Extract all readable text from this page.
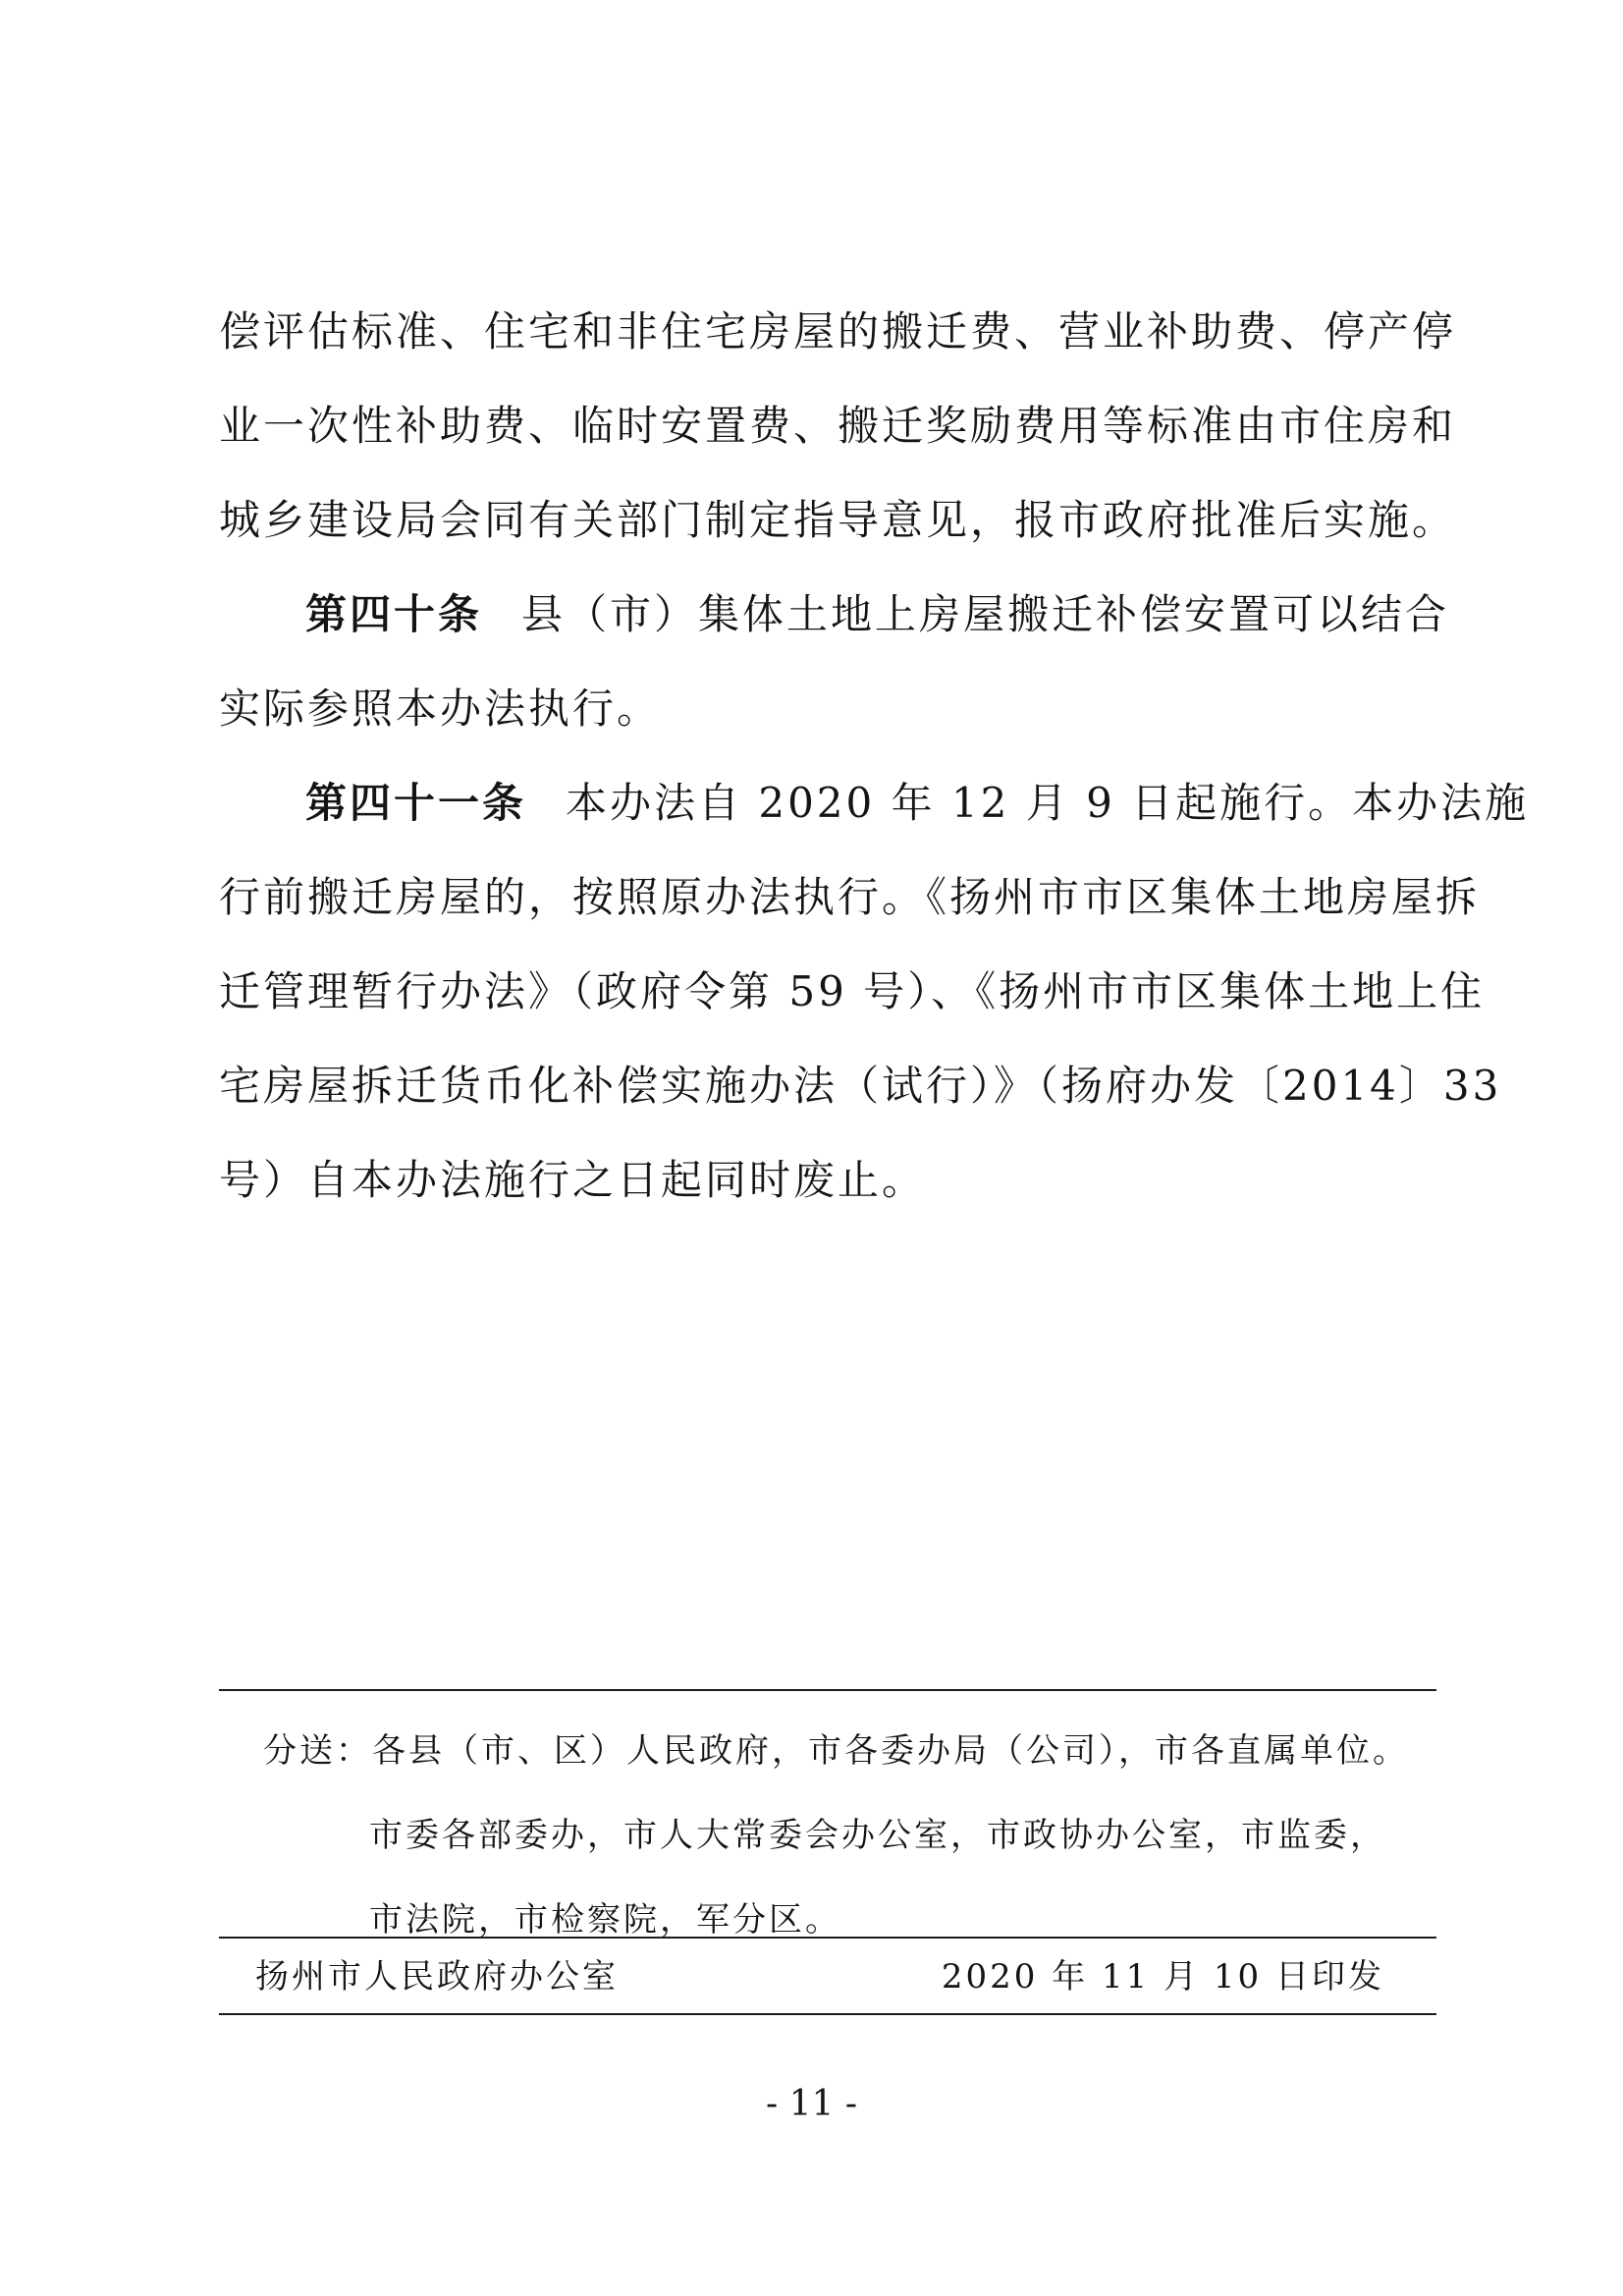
偿评估标准、住宅和非住宅房屋的搬迁费、营业补助费、停产停
业一次性补助费、临时安置费、搬迁奖励费用等标准由市住房和
城乡建设局会同有关部门制定指导意见，报市政府批准后实施。
第四十条 县（市）集体土地上房屋搬迁补偿安置可以结合
实际参照本办法执行。
第四十一条 本办法自 2020 年 12 月 9 日起施行。本办法施
行前搬迁房屋的，按照原办法执行。《扬州市市区集体土地房屋拆
迁管理暂行办法》（政府令第 59 号）、《扬州市市区集体土地上住
宅房屋拆迁货币化补偿实施办法（试行）》（扬府办发〔2014〕33
号）自本办法施行之日起同时废止。
分送：各县（市、区）人民政府，市各委办局（公司），市各直属单位。
市委各部委办，市人大常委会办公室，市政协办公室，市监委，
市法院，市检察院，军分区。
扬州市人民政府办公室	2020 年 11 月 10 日印发
- 11 -
